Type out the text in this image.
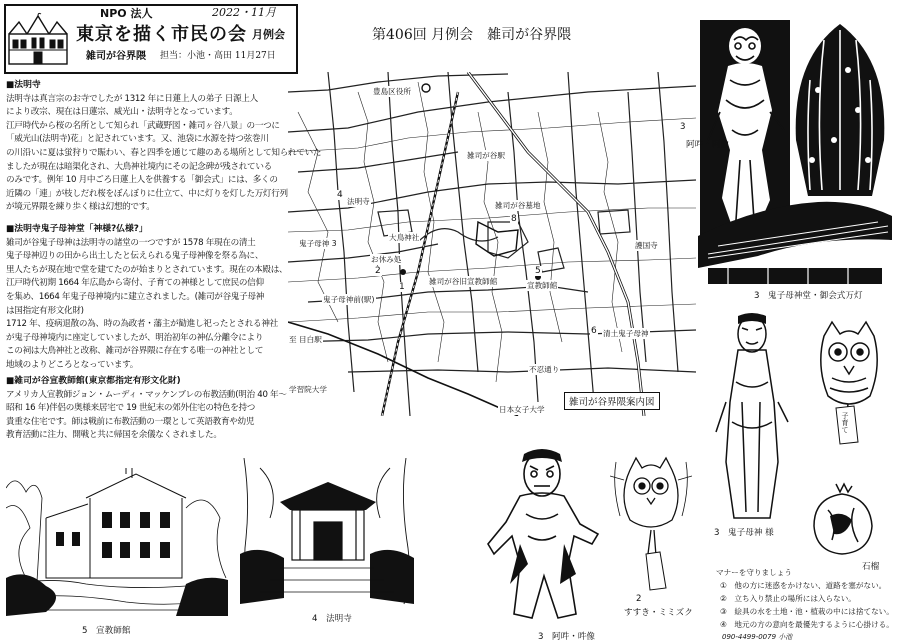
NPO 法人	2022・11月
東京を描く市民の会 月例会
雑司が谷界隈 担当：小池・高田 11月27日
第406回 月例会　雑司が谷界隈
■法明寺
法明寺は真言宗のお寺でしたが 1312 年に日蓮上人の弟子 日源上人
により改宗、現在は日蓮宗、威光山・法明寺となっています。
江戸時代から桜の名所として知られ「武蔵野図・雑司ヶ谷八景」の一つに
「威光山(法明寺)花」と記されています。又、池袋に水源を持つ弦巻川
の川沿いに夏は蛍狩りで賑わい、春と四季を通じて趣のある場所として知られていた
ましたが現在は暗渠化され、大鳥神社境内にその記念碑が残されている
のみです。例年 10 月中ごろ日蓮上人を供養する「御会式」には、多くの
近隣の「連」が枝しだれ桜をぼんぼりに仕立て、中に灯りを灯した万灯行列
が境元界隈を練り歩く様は幻想的です。
■法明寺鬼子母神堂「神様?仏様?」
雑司が谷鬼子母神は法明寺の諸堂の一つですが 1578 年現在の清土
鬼子母神辺りの田から出土したと伝えられる鬼子母神像を祭る為に、
里人たちが現在地で堂を建てたのが始まりとされています。現在の本殿は、
江戸時代初期 1664 年広島から寄付、子育ての神様として庶民の信仰
を集め、1664 年鬼子母神境内に建立されました。(雑司が谷鬼子母神
は国指定有形文化財)
1712 年、疫病退散の為、時の為政者・藩主が勧進し祀ったとされる神社
が鬼子母神境内に座定していましたが、明治初年の神仏分離令により
この祠は大鳥神社と改称、雑司が谷界隈に存在する唯一の神社として
地域のよりどころとなっています。
■雑司が谷宣教師館(東京都指定有形文化財)
アメリカ人宣教師ジョン・ムーディ・マッケンブレの布教活動(明治 40 年～
昭和 16 年)伴侶の奥様来居宅で 19 世紀末の郊外住宅の特色を持つ
貴重な住宅です。師は戦前に布教活動の一環として英語教育や幼児
教育活動に注力、開戦と共に帰国を余儀なくされました。
豊島区役所
雑司が谷駅
4
法明寺	雑司が谷墓地
8
鬼子母神 3
大鳥神社
護国寺
お休み処
2	5
宣教師館
雑司が谷旧宣教師館
1
鬼子母神前(駅)
6 清土鬼子母神
至 目白駅
不忍通り
学習院大学
日本女子大学
雑司が谷界隈案内図
3
阿吽・阿像
3　鬼子母神堂・御会式万灯
3　鬼子母神 様
子育て
石榴
5　宣教師館
4　法明寺
3　阿吽・吽像
2
すすき・ミミズク
マナーを守りましょう
①　他の方に迷惑をかけない、道路を塞がない。
②　立ち入り禁止の場所には入らない。
③　絵具の水を土地・池・植栽の中には捨てない。
④　地元の方の意向を最優先するように心掛ける。
090-4499-0079 小池
